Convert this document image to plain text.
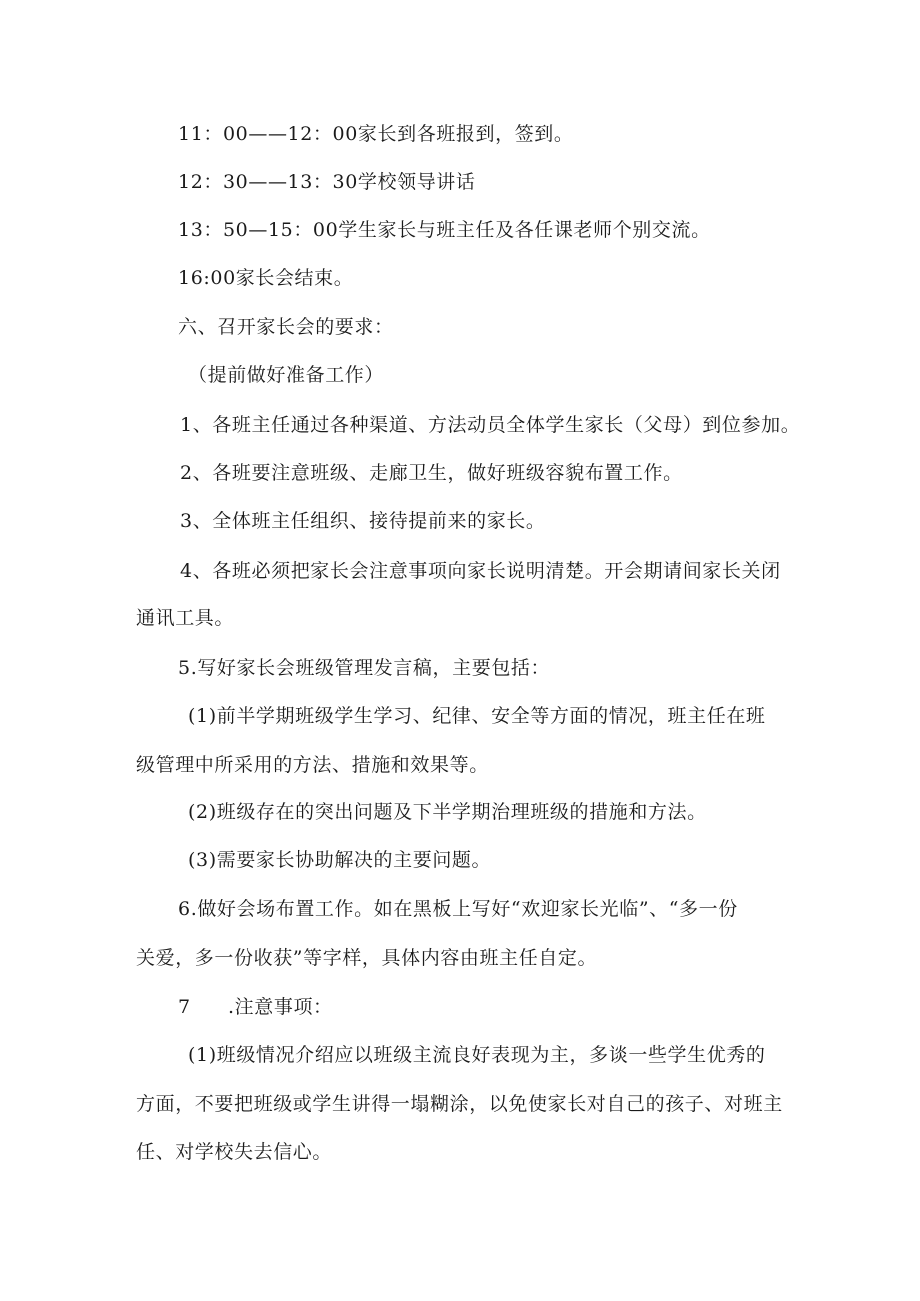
11：00——12：00家长到各班报到，签到。
12：30——13：30学校领导讲话
13：50—15：00学生家长与班主任及各任课老师个别交流。
16:00家长会结束。
六、召开家长会的要求：
（提前做好准备工作）
1、各班主任通过各种渠道、方法动员全体学生家长（父母）到位参加。
2、各班要注意班级、走廊卫生，做好班级容貌布置工作。
3、全体班主任组织、接待提前来的家长。
4、各班必须把家长会注意事项向家长说明清楚。开会期请间家长关闭
通讯工具。
5.写好家长会班级管理发言稿，主要包括：
(1)前半学期班级学生学习、纪律、安全等方面的情况，班主任在班
级管理中所采用的方法、措施和效果等。
(2)班级存在的突出问题及下半学期治理班级的措施和方法。
(3)需要家长协助解决的主要问题。
6.做好会场布置工作。如在黑板上写好“欢迎家长光临”、“多一份
关爱，多一份收获”等字样，具体内容由班主任自定。
7	.注意事项：
(1)班级情况介绍应以班级主流良好表现为主，多谈一些学生优秀的
方面，不要把班级或学生讲得一塌糊涂，以免使家长对自己的孩子、对班主
任、对学校失去信心。
